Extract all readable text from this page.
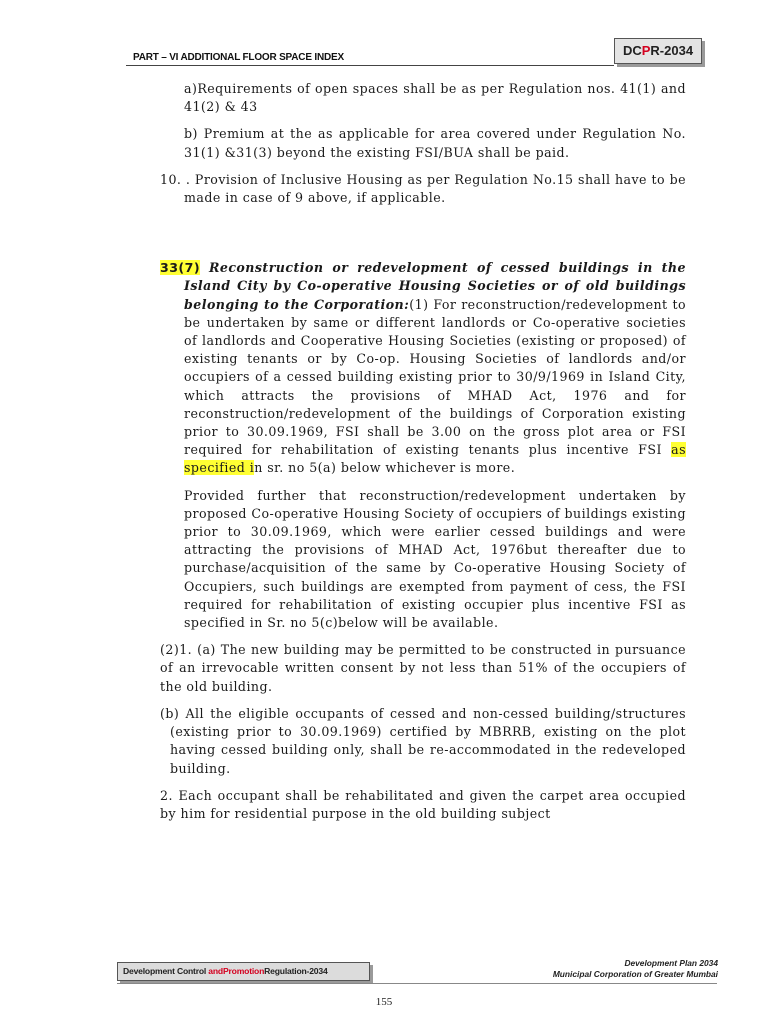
PART – VI ADDITIONAL FLOOR SPACE INDEX	DCPR-2034

a)Requirements of open spaces shall be as per Regulation nos. 41(1) and 41(2) & 43

b) Premium at the as applicable for area covered under Regulation No. 31(1) &31(3) beyond the existing FSI/BUA shall be paid.

10. . Provision of Inclusive Housing as per Regulation No.15 shall have to be made in case of 9 above, if applicable.

33(7) Reconstruction or redevelopment of cessed buildings in the Island City by Co-operative Housing Societies or of old buildings belonging to the Corporation:(1) For reconstruction/redevelopment to be undertaken by same or different landlords or Co-operative societies of landlords and Cooperative Housing Societies (existing or proposed) of existing tenants or by Co-op. Housing Societies of landlords and/or occupiers of a cessed building existing prior to 30/9/1969 in Island City, which attracts the provisions of MHAD Act, 1976 and for reconstruction/redevelopment of the buildings of Corporation existing prior to 30.09.1969, FSI shall be 3.00 on the gross plot area or FSI required for rehabilitation of existing tenants plus incentive FSI as specified in sr. no 5(a) below whichever is more.

Provided further that reconstruction/redevelopment undertaken by proposed Co-operative Housing Society of occupiers of buildings existing prior to 30.09.1969, which were earlier cessed buildings and were attracting the provisions of MHAD Act, 1976but thereafter due to purchase/acquisition of the same by Co-operative Housing Society of Occupiers, such buildings are exempted from payment of cess, the FSI required for rehabilitation of existing occupier plus incentive FSI as specified in Sr. no 5(c)below will be available.

(2)1. (a) The new building may be permitted to be constructed in pursuance of an irrevocable written consent by not less than 51% of the occupiers of the old building.

(b) All the eligible occupants of cessed and non-cessed building/structures (existing prior to 30.09.1969) certified by MBRRB, existing on the plot having cessed building only, shall be re-accommodated in the redeveloped building.

2. Each occupant shall be rehabilitated and given the carpet area occupied by him for residential purpose in the old building subject

Development Control andPromotionRegulation-2034
Development Plan 2034
Municipal Corporation of Greater Mumbai
155
